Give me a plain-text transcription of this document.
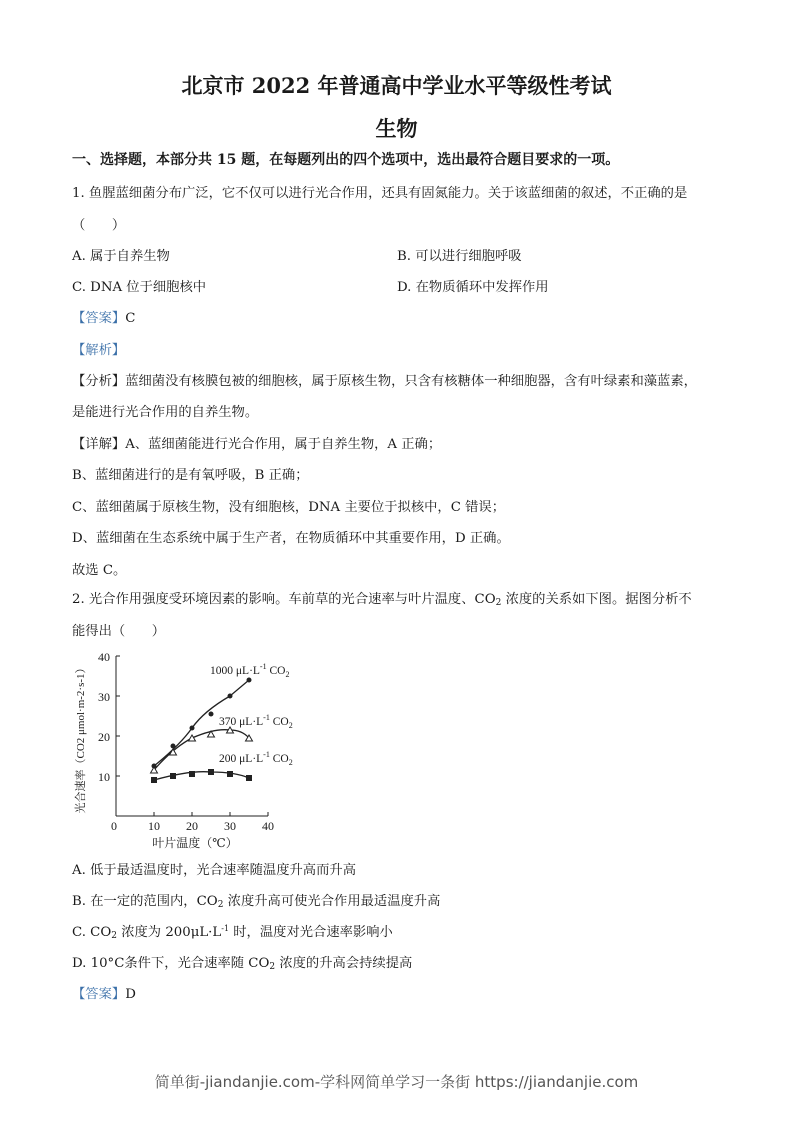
北京市 2022 年普通高中学业水平等级性考试
生物
一、选择题，本部分共 15 题，在每题列出的四个选项中，选出最符合题目要求的一项。
1. 鱼腥蓝细菌分布广泛，它不仅可以进行光合作用，还具有固氮能力。关于该蓝细菌的叙述，不正确的是
（　　）
A. 属于自养生物	B. 可以进行细胞呼吸
C. DNA 位于细胞核中	D. 在物质循环中发挥作用
【答案】C
【解析】
【分析】蓝细菌没有核膜包被的细胞核，属于原核生物，只含有核糖体一种细胞器，含有叶绿素和藻蓝素，
是能进行光合作用的自养生物。
【详解】A、蓝细菌能进行光合作用，属于自养生物，A 正确；
B、蓝细菌进行的是有氧呼吸，B 正确；
C、蓝细菌属于原核生物，没有细胞核，DNA 主要位于拟核中，C 错误；
D、蓝细菌在生态系统中属于生产者，在物质循环中其重要作用，D 正确。
故选 C。
2. 光合作用强度受环境因素的影响。车前草的光合速率与叶片温度、$CO_2$ 浓度的关系如下图。据图分析不
能得出（　　）
40
30
20
10
0	10 20 30 40
叶片温度（℃）
光合速率（CO2 μmol·m-2·s-1）	1000 $\mu L\cdot L^{-1}$ $CO_2$
370 $\mu L\cdot L^{-1}$ $CO_2$
200 $\mu L\cdot L^{-1}$ $CO_2$
A. 低于最适温度时，光合速率随温度升高而升高
B. 在一定的范围内，$CO_2$ 浓度升高可使光合作用最适温度升高
C. $CO_2$ 浓度为 $200\mu L\cdot L^{-1}$ 时，温度对光合速率影响小
D. 10°C条件下，光合速率随 $CO_2$ 浓度的升高会持续提高
【答案】D
简单街-jiandanjie.com-学科网简单学习一条街 https://jiandanjie.com
